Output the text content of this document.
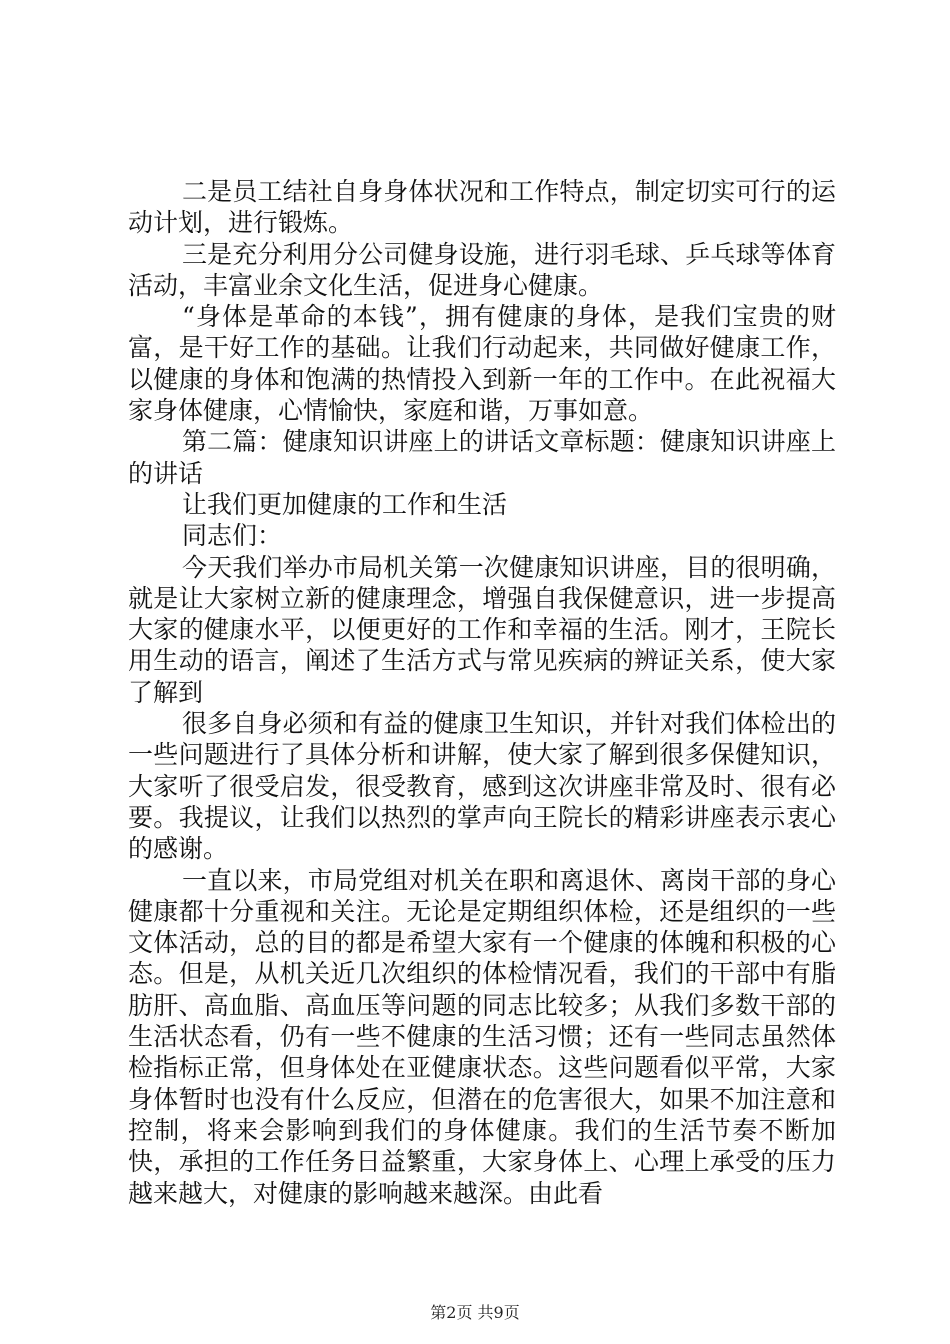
二是员工结社自身身体状况和工作特点，制定切实可行的运动计划，进行锻炼。

三是充分利用分公司健身设施，进行羽毛球、乒乓球等体育活动，丰富业余文化生活，促进身心健康。

“身体是革命的本钱”，拥有健康的身体，是我们宝贵的财富，是干好工作的基础。让我们行动起来，共同做好健康工作，以健康的身体和饱满的热情投入到新一年的工作中。在此祝福大家身体健康，心情愉快，家庭和谐，万事如意。

第二篇：健康知识讲座上的讲话文章标题：健康知识讲座上的讲话

让我们更加健康的工作和生活

同志们：

今天我们举办市局机关第一次健康知识讲座，目的很明确，就是让大家树立新的健康理念，增强自我保健意识，进一步提高大家的健康水平，以便更好的工作和幸福的生活。刚才，王院长用生动的语言，阐述了生活方式与常见疾病的辨证关系，使大家了解到

很多自身必须和有益的健康卫生知识，并针对我们体检出的一些问题进行了具体分析和讲解，使大家了解到很多保健知识，大家听了很受启发，很受教育，感到这次讲座非常及时、很有必要。我提议，让我们以热烈的掌声向王院长的精彩讲座表示衷心的感谢。

一直以来，市局党组对机关在职和离退休、离岗干部的身心健康都十分重视和关注。无论是定期组织体检，还是组织的一些文体活动，总的目的都是希望大家有一个健康的体魄和积极的心态。但是，从机关近几次组织的体检情况看，我们的干部中有脂肪肝、高血脂、高血压等问题的同志比较多；从我们多数干部的生活状态看，仍有一些不健康的生活习惯；还有一些同志虽然体检指标正常，但身体处在亚健康状态。这些问题看似平常，大家身体暂时也没有什么反应，但潜在的危害很大，如果不加注意和控制，将来会影响到我们的身体健康。我们的生活节奏不断加快，承担的工作任务日益繁重，大家身体上、心理上承受的压力越来越大，对健康的影响越来越深。由此看

第2页 共9页
